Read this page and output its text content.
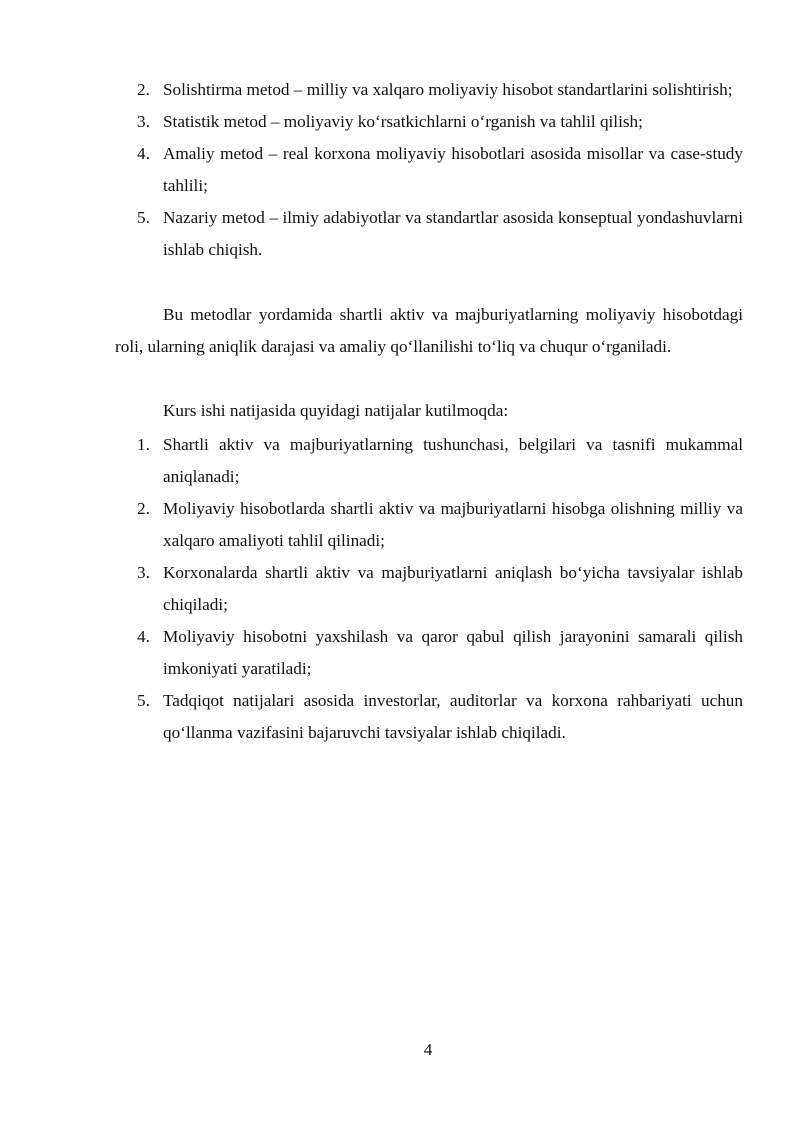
2. Solishtirma metod – milliy va xalqaro moliyaviy hisobot standartlarini solishtirish;
3. Statistik metod – moliyaviy koʻrsatkichlarni oʻrganish va tahlil qilish;
4. Amaliy metod – real korxona moliyaviy hisobotlari asosida misollar va case-study tahlili;
5. Nazariy metod – ilmiy adabiyotlar va standartlar asosida konseptual yondashuvlarni ishlab chiqish.

Bu metodlar yordamida shartli aktiv va majburiyatlarning moliyaviy hisobotdagi roli, ularning aniqlik darajasi va amaliy qoʻllanilishi toʻliq va chuqur oʻrganiladi.

Kurs ishi natijasida quyidagi natijalar kutilmoqda:

1. Shartli aktiv va majburiyatlarning tushunchasi, belgilari va tasnifi mukammal aniqlanadi;
2. Moliyaviy hisobotlarda shartli aktiv va majburiyatlarni hisobga olishning milliy va xalqaro amaliyoti tahlil qilinadi;
3. Korxonalarda shartli aktiv va majburiyatlarni aniqlash boʻyicha tavsiyalar ishlab chiqiladi;
4. Moliyaviy hisobotni yaxshilash va qaror qabul qilish jarayonini samarali qilish imkoniyati yaratiladi;
5. Tadqiqot natijalari asosida investorlar, auditorlar va korxona rahbariyati uchun qoʻllanma vazifasini bajaruvchi tavsiyalar ishlab chiqiladi.
4
